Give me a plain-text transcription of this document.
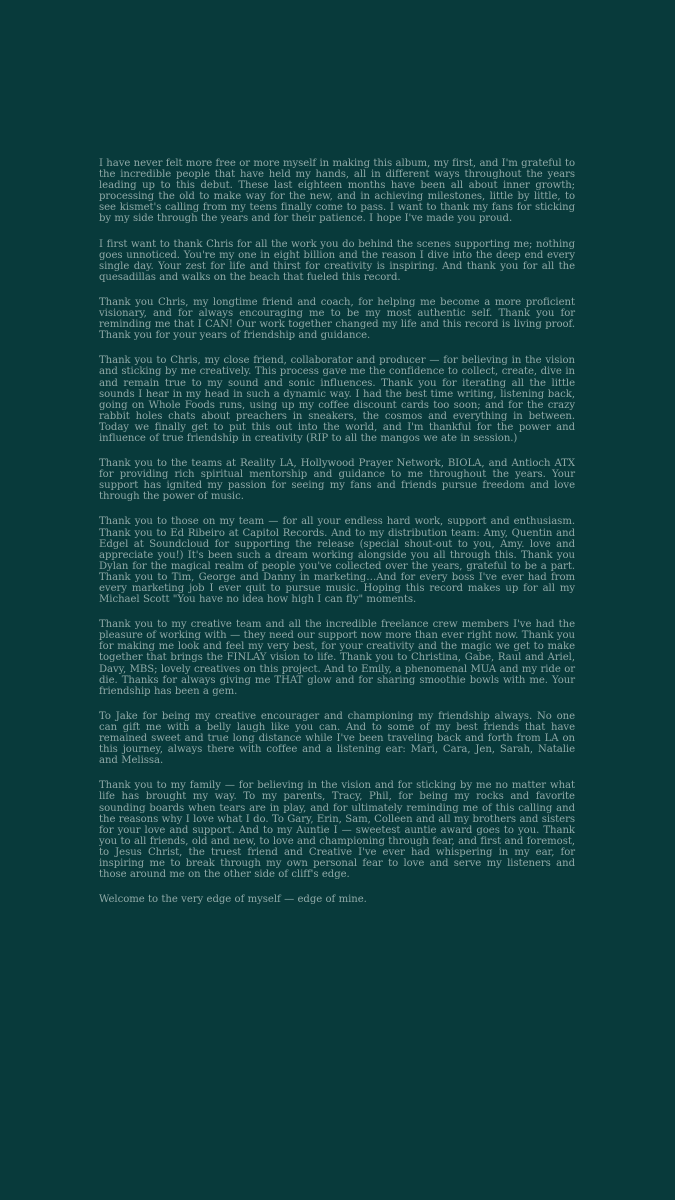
I have never felt more free or more myself in making this album, my first, and I'm grateful to the incredible people that have held my hands, all in different ways throughout the years leading up to this debut. These last eighteen months have been all about inner growth; processing the old to make way for the new, and in achieving milestones, little by little, to see kismet's calling from my teens finally come to pass. I want to thank my fans for sticking by my side through the years and for their patience. I hope I've made you proud.

I first want to thank Chris for all the work you do behind the scenes supporting me; nothing goes unnoticed. You're my one in eight billion and the reason I dive into the deep end every single day. Your zest for life and thirst for creativity is inspiring. And thank you for all the quesadillas and walks on the beach that fueled this record.

Thank you Chris, my longtime friend and coach, for helping me become a more proficient visionary, and for always encouraging me to be my most authentic self. Thank you for reminding me that I CAN! Our work together changed my life and this record is living proof. Thank you for your years of friendship and guidance.

Thank you to Chris, my close friend, collaborator and producer — for believing in the vision and sticking by me creatively. This process gave me the confidence to collect, create, dive in and remain true to my sound and sonic influences. Thank you for iterating all the little sounds I hear in my head in such a dynamic way. I had the best time writing, listening back, going on Whole Foods runs, using up my coffee discount cards too soon; and for the crazy rabbit holes chats about preachers in sneakers, the cosmos and everything in between. Today we finally get to put this out into the world, and I'm thankful for the power and influence of true friendship in creativity (RIP to all the mangos we ate in session.)

Thank you to the teams at Reality LA, Hollywood Prayer Network, BIOLA, and Antioch ATX for providing rich spiritual mentorship and guidance to me throughout the years. Your support has ignited my passion for seeing my fans and friends pursue freedom and love through the power of music.

Thank you to those on my team — for all your endless hard work, support and enthusiasm. Thank you to Ed Ribeiro at Capitol Records. And to my distribution team: Amy, Quentin and Edgel at Soundcloud for supporting the release (special shout-out to you, Amy. love and appreciate you!) It's been such a dream working alongside you all through this. Thank you Dylan for the magical realm of people you've collected over the years, grateful to be a part. Thank you to Tim, George and Danny in marketing…And for every boss I've ever had from every marketing job I ever quit to pursue music. Hoping this record makes up for all my Michael Scott "You have no idea how high I can fly" moments.

Thank you to my creative team and all the incredible freelance crew members I've had the pleasure of working with — they need our support now more than ever right now. Thank you for making me look and feel my very best, for your creativity and the magic we get to make together that brings the FINLAY vision to life. Thank you to Christina, Gabe, Raul and Ariel, Davy, MBS; lovely creatives on this project. And to Emily, a phenomenal MUA and my ride or die. Thanks for always giving me THAT glow and for sharing smoothie bowls with me. Your friendship has been a gem.

To Jake for being my creative encourager and championing my friendship always. No one can gift me with a belly laugh like you can. And to some of my best friends that have remained sweet and true long distance while I've been traveling back and forth from LA on this journey, always there with coffee and a listening ear: Mari, Cara, Jen, Sarah, Natalie and Melissa.

Thank you to my family — for believing in the vision and for sticking by me no matter what life has brought my way. To my parents, Tracy, Phil, for being my rocks and favorite sounding boards when tears are in play, and for ultimately reminding me of this calling and the reasons why I love what I do. To Gary, Erin, Sam, Colleen and all my brothers and sisters for your love and support. And to my Auntie I — sweetest auntie award goes to you. Thank you to all friends, old and new, to love and championing through fear, and first and foremost, to Jesus Christ, the truest friend and Creative I've ever had whispering in my ear, for inspiring me to break through my own personal fear to love and serve my listeners and those around me on the other side of cliff's edge.

Welcome to the very edge of myself — edge of mine.
